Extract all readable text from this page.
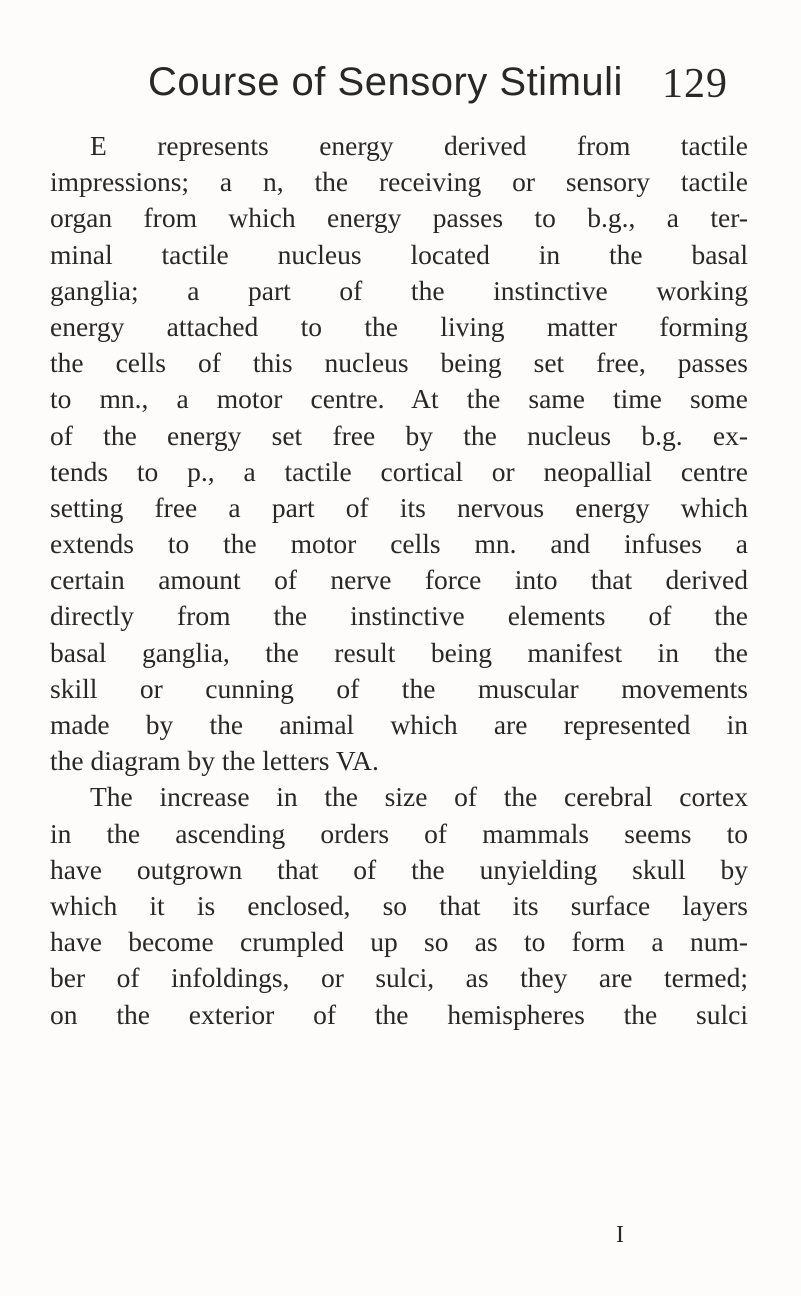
Course of Sensory Stimuli 129
E represents energy derived from tactile
impressions; a n, the receiving or sensory tactile
organ from which energy passes to b.g., a ter-
minal tactile nucleus located in the basal
ganglia; a part of the instinctive working
energy attached to the living matter forming
the cells of this nucleus being set free, passes
to mn., a motor centre. At the same time some
of the energy set free by the nucleus b.g. ex-
tends to p., a tactile cortical or neopallial centre
setting free a part of its nervous energy which
extends to the motor cells mn. and infuses a
certain amount of nerve force into that derived
directly from the instinctive elements of the
basal ganglia, the result being manifest in the
skill or cunning of the muscular movements
made by the animal which are represented in
the diagram by the letters VA.
The increase in the size of the cerebral cortex
in the ascending orders of mammals seems to
have outgrown that of the unyielding skull by
which it is enclosed, so that its surface layers
have become crumpled up so as to form a num-
ber of infoldings, or sulci, as they are termed;
on the exterior of the hemispheres the sulci
I
